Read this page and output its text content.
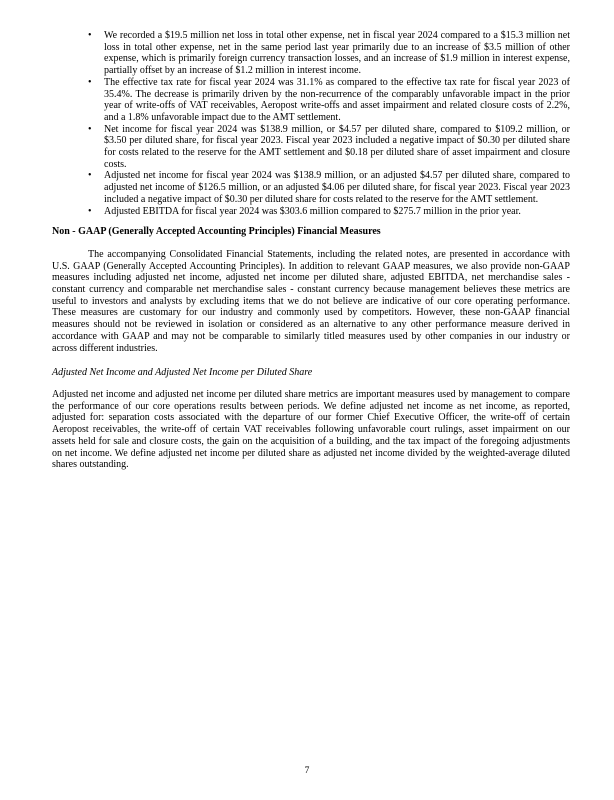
• We recorded a $19.5 million net loss in total other expense, net in fiscal year 2024 compared to a $15.3 million net loss in total other expense, net in the same period last year primarily due to an increase of $3.5 million of other expense, which is primarily foreign currency transaction losses, and an increase of $1.9 million in interest expense, partially offset by an increase of $1.2 million in interest income.
• The effective tax rate for fiscal year 2024 was 31.1% as compared to the effective tax rate for fiscal year 2023 of 35.4%. The decrease is primarily driven by the non-recurrence of the comparably unfavorable impact in the prior year of write-offs of VAT receivables, Aeropost write-offs and asset impairment and related closure costs of 2.2%, and a 1.8% unfavorable impact due to the AMT settlement.
• Net income for fiscal year 2024 was $138.9 million, or $4.57 per diluted share, compared to $109.2 million, or $3.50 per diluted share, for fiscal year 2023. Fiscal year 2023 included a negative impact of $0.30 per diluted share for costs related to the reserve for the AMT settlement and $0.18 per diluted share of asset impairment and closure costs.
• Adjusted net income for fiscal year 2024 was $138.9 million, or an adjusted $4.57 per diluted share, compared to adjusted net income of $126.5 million, or an adjusted $4.06 per diluted share, for fiscal year 2023. Fiscal year 2023 included a negative impact of $0.30 per diluted share for costs related to the reserve for the AMT settlement.
• Adjusted EBITDA for fiscal year 2024 was $303.6 million compared to $275.7 million in the prior year.
Non - GAAP (Generally Accepted Accounting Principles) Financial Measures

The accompanying Consolidated Financial Statements, including the related notes, are presented in accordance with U.S. GAAP (Generally Accepted Accounting Principles). In addition to relevant GAAP measures, we also provide non-GAAP measures including adjusted net income, adjusted net income per diluted share, adjusted EBITDA, net merchandise sales - constant currency and comparable net merchandise sales - constant currency because management believes these metrics are useful to investors and analysts by excluding items that we do not believe are indicative of our core operating performance. These measures are customary for our industry and commonly used by competitors. However, these non-GAAP financial measures should not be reviewed in isolation or considered as an alternative to any other performance measure derived in accordance with GAAP and may not be comparable to similarly titled measures used by other companies in our industry or across different industries.

Adjusted Net Income and Adjusted Net Income per Diluted Share

Adjusted net income and adjusted net income per diluted share metrics are important measures used by management to compare the performance of our core operations results between periods. We define adjusted net income as net income, as reported, adjusted for: separation costs associated with the departure of our former Chief Executive Officer, the write-off of certain Aeropost receivables, the write-off of certain VAT receivables following unfavorable court rulings, asset impairment on our assets held for sale and closure costs, the gain on the acquisition of a building, and the tax impact of the foregoing adjustments on net income. We define adjusted net income per diluted share as adjusted net income divided by the weighted-average diluted shares outstanding.

7
